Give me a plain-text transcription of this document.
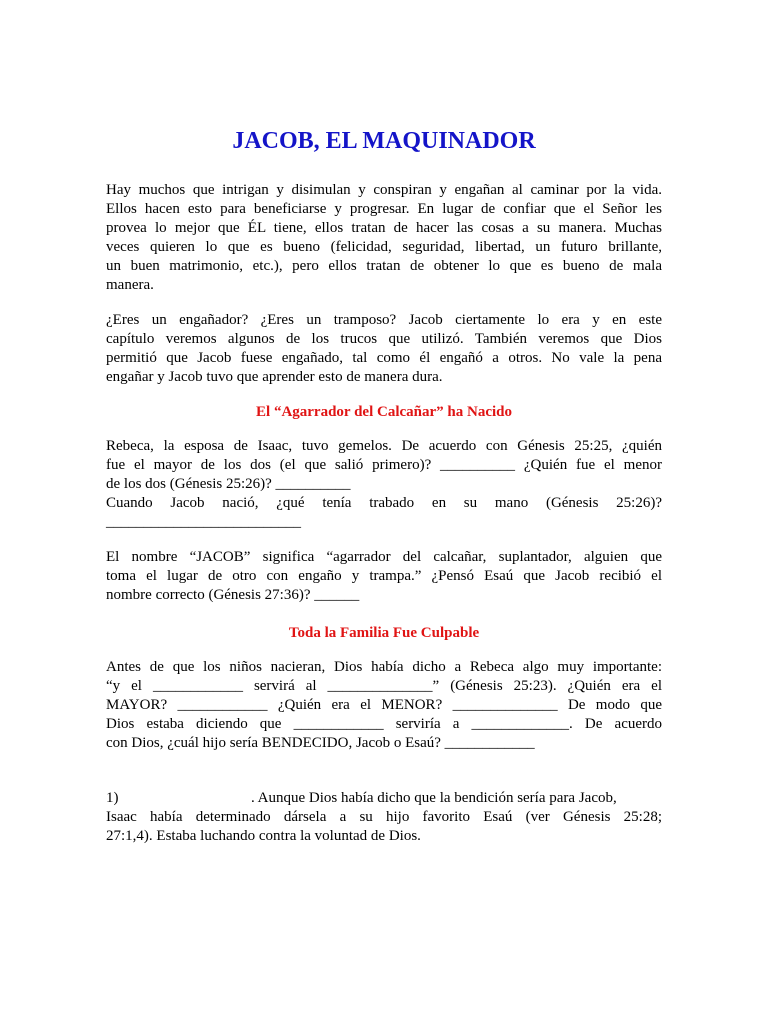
JACOB, EL MAQUINADOR
Hay muchos que intrigan y disimulan y conspiran y engañan al caminar por la vida.
Ellos hacen esto para beneficiarse y progresar. En lugar de confiar que el Señor les
provea lo mejor que ÉL tiene, ellos tratan de hacer las cosas a su manera. Muchas
veces quieren lo que es bueno (felicidad, seguridad, libertad, un futuro brillante,
un buen matrimonio, etc.), pero ellos tratan de obtener lo que es bueno de mala
manera.
¿Eres un engañador? ¿Eres un tramposo? Jacob ciertamente lo era y en este
capítulo veremos algunos de los trucos que utilizó. También veremos que Dios
permitió que Jacob fuese engañado, tal como él engañó a otros. No vale la pena
engañar y Jacob tuvo que aprender esto de manera dura.
El “Agarrador del Calcañar” ha Nacido
Rebeca, la esposa de Isaac, tuvo gemelos. De acuerdo con Génesis 25:25, ¿quién
fue el mayor de los dos (el que salió primero)? __________ ¿Quién fue el menor
de los dos (Génesis 25:26)? __________
Cuando Jacob nació, ¿qué tenía trabado en su mano (Génesis 25:26)?
__________________________
El nombre “JACOB” significa “agarrador del calcañar, suplantador, alguien que
toma el lugar de otro con engaño y trampa.” ¿Pensó Esaú que Jacob recibió el
nombre correcto (Génesis 27:36)? ______
Toda la Familia Fue Culpable
Antes de que los niños nacieran, Dios había dicho a Rebeca algo muy importante:
“y el ____________ servirá al ______________” (Génesis 25:23). ¿Quién era el
MAYOR? ____________ ¿Quién era el MENOR? ______________ De modo que
Dios estaba diciendo que ____________ serviría a _____________. De acuerdo
con Dios, ¿cuál hijo sería BENDECIDO, Jacob o Esaú? ____________
1)	. Aunque Dios había dicho que la bendición sería para Jacob,
Isaac había determinado dársela a su hijo favorito Esaú (ver Génesis 25:28;
27:1,4). Estaba luchando contra la voluntad de Dios.
